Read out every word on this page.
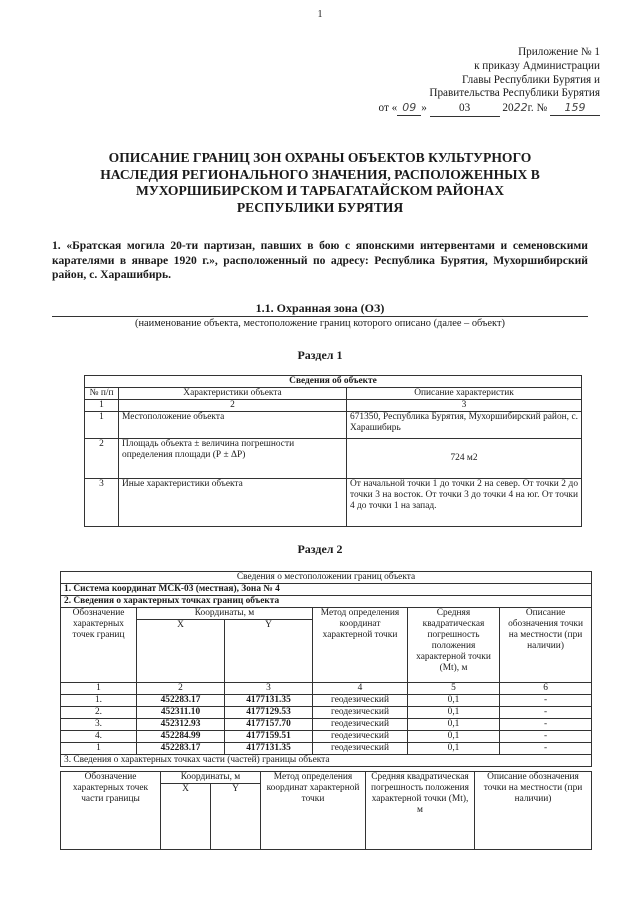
1
Приложение № 1
к приказу Администрации
Главы Республики Бурятия и
Правительства Республики Бурятия
от « 09 »	03	2022г. № 159
ОПИСАНИЕ ГРАНИЦ ЗОН ОХРАНЫ ОБЪЕКТОВ КУЛЬТУРНОГО
НАСЛЕДИЯ РЕГИОНАЛЬНОГО ЗНАЧЕНИЯ, РАСПОЛОЖЕННЫХ В
МУХОРШИБИРСКОМ И ТАРБАГАТАЙСКОМ РАЙОНАХ
РЕСПУБЛИКИ БУРЯТИЯ
1. «Братская могила 20-ти партизан, павших в бою с японскими интервентами и семеновскими карателями в январе 1920 г.», расположенный по адресу: Республика Бурятия, Мухоршибирский район, с. Харашибирь.
1.1. Охранная зона (ОЗ)
(наименование объекта, местоположение границ которого описано (далее – объект)
Раздел 1
Сведения об объекте		
№ п/п	Характеристики объекта	Описание характеристик
1	2	3
1	Местоположение объекта	671350, Республика Бурятия, Мухоршибирский район, с. Харашибирь
2	Площадь объекта ± величина погрешности определения площади (Р ± ΔР)	724 м2
3	Иные характеристики объекта	От начальной точки 1 до точки 2 на север. От точки 2 до точки 3 на восток. От точки 3 до точки 4 на юг. От точки 4 до точки 1 на запад.
Раздел 2
Сведения о местоположении границ объекта					
1. Система координат МСК-03 (местная), Зона № 4					
2. Сведения о характерных точках границ объекта					
Обозначение характерных точек границ	Координаты, м		Метод определения координат характерной точки	Средняя квадратическая погрешность положения характерной точки (Mt), м	Описание обозначения точки на местности (при наличии)
	X	Y			
1	2	3	4	5	6
1.	452283.17	4177131.35	геодезический	0,1	-
2.	452311.10	4177129.53	геодезический	0,1	-
3.	452312.93	4177157.70	геодезический	0,1	-
4.	452284.99	4177159.51	геодезический	0,1	-
1	452283.17	4177131.35	геодезический	0,1	-
3. Сведения о характерных точках части (частей) границы объекта					
Обозначение характерных точек части границы	Координаты, м		Метод определения координат характерной точки	Средняя квадратическая погрешность положения характерной точки (Mt), м	Описание обозначения точки на местности (при наличии)
	X	Y			
